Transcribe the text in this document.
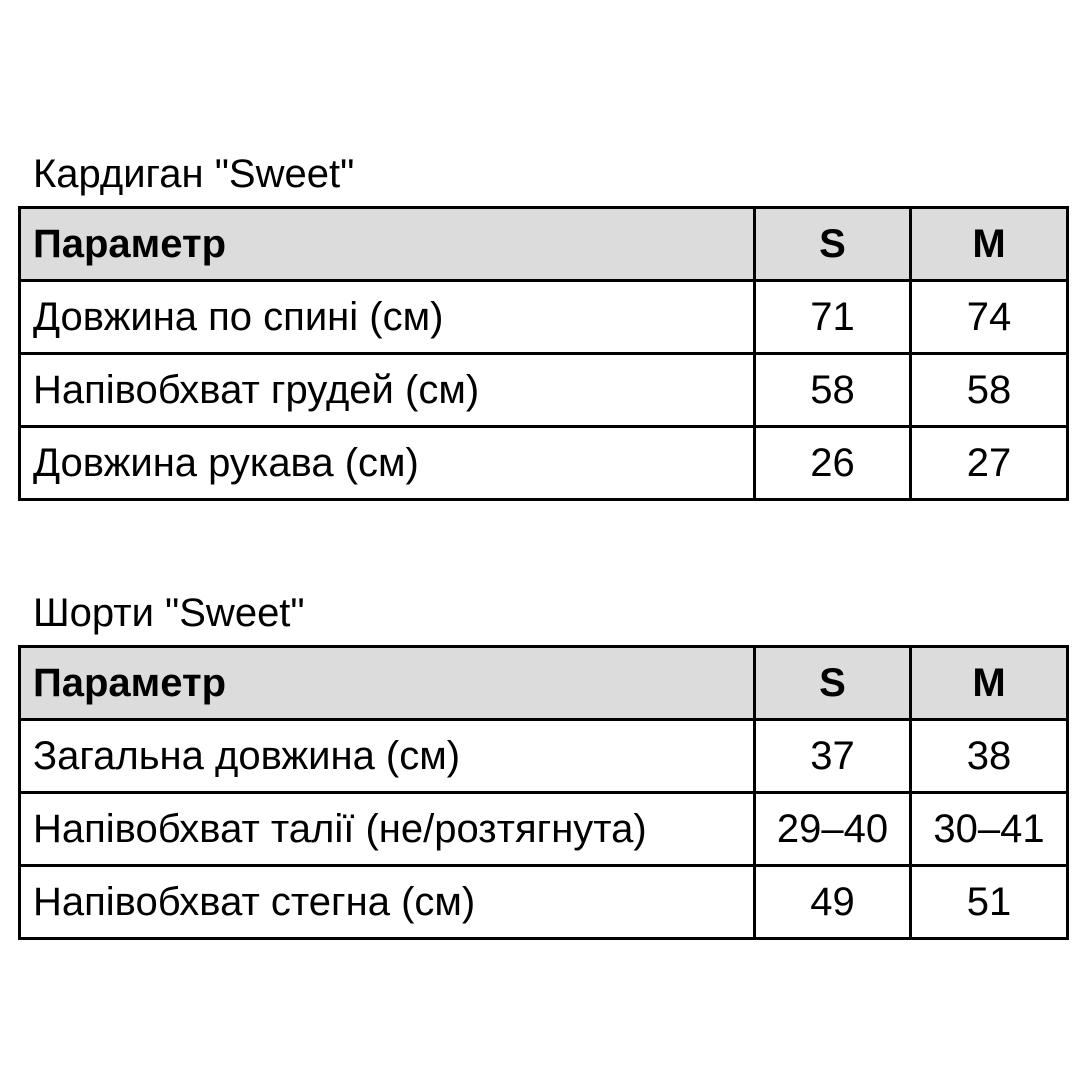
Кардиган "Sweet"
Параметр	S	M
Довжина по спині (см)	71	74
Напівобхват грудей (см)	58	58
Довжина рукава (см)	26	27
Шорти "Sweet"
Параметр	S	M
Загальна довжина (см)	37	38
Напівобхват талії (не/розтягнута)	29–40	30–41
Напівобхват стегна (см)	49	51
